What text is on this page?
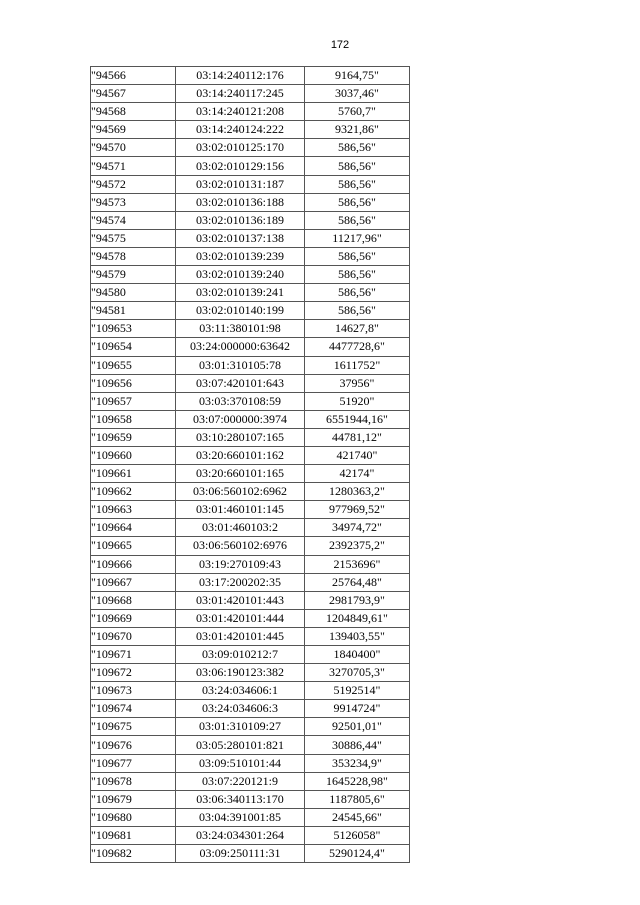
172
"94566	03:14:240112:176	9164,75"
"94567	03:14:240117:245	3037,46"
"94568	03:14:240121:208	5760,7"
"94569	03:14:240124:222	9321,86"
"94570	03:02:010125:170	586,56"
"94571	03:02:010129:156	586,56"
"94572	03:02:010131:187	586,56"
"94573	03:02:010136:188	586,56"
"94574	03:02:010136:189	586,56"
"94575	03:02:010137:138	11217,96"
"94578	03:02:010139:239	586,56"
"94579	03:02:010139:240	586,56"
"94580	03:02:010139:241	586,56"
"94581	03:02:010140:199	586,56"
"109653	03:11:380101:98	14627,8"
"109654	03:24:000000:63642	4477728,6"
"109655	03:01:310105:78	1611752"
"109656	03:07:420101:643	37956"
"109657	03:03:370108:59	51920"
"109658	03:07:000000:3974	6551944,16"
"109659	03:10:280107:165	44781,12"
"109660	03:20:660101:162	421740"
"109661	03:20:660101:165	42174"
"109662	03:06:560102:6962	1280363,2"
"109663	03:01:460101:145	977969,52"
"109664	03:01:460103:2	34974,72"
"109665	03:06:560102:6976	2392375,2"
"109666	03:19:270109:43	2153696"
"109667	03:17:200202:35	25764,48"
"109668	03:01:420101:443	2981793,9"
"109669	03:01:420101:444	1204849,61"
"109670	03:01:420101:445	139403,55"
"109671	03:09:010212:7	1840400"
"109672	03:06:190123:382	3270705,3"
"109673	03:24:034606:1	5192514"
"109674	03:24:034606:3	9914724"
"109675	03:01:310109:27	92501,01"
"109676	03:05:280101:821	30886,44"
"109677	03:09:510101:44	353234,9"
"109678	03:07:220121:9	1645228,98"
"109679	03:06:340113:170	1187805,6"
"109680	03:04:391001:85	24545,66"
"109681	03:24:034301:264	5126058"
"109682	03:09:250111:31	5290124,4"
